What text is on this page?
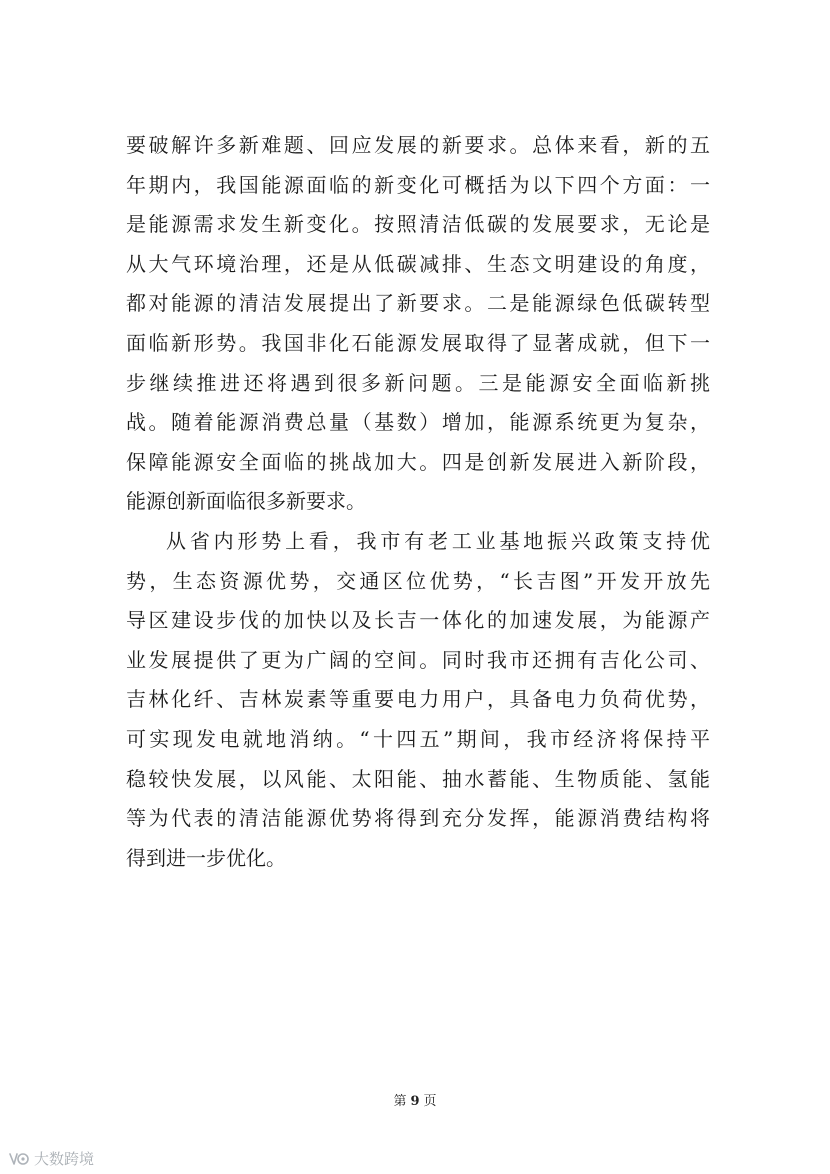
要破解许多新难题、回应发展的新要求。总体来看，新的五
年期内，我国能源面临的新变化可概括为以下四个方面：一
是能源需求发生新变化。按照清洁低碳的发展要求，无论是
从大气环境治理，还是从低碳减排、生态文明建设的角度，
都对能源的清洁发展提出了新要求。二是能源绿色低碳转型
面临新形势。我国非化石能源发展取得了显著成就，但下一
步继续推进还将遇到很多新问题。三是能源安全面临新挑
战。随着能源消费总量（基数）增加，能源系统更为复杂，
保障能源安全面临的挑战加大。四是创新发展进入新阶段，
能源创新面临很多新要求。
从省内形势上看，我市有老工业基地振兴政策支持优
势，生态资源优势，交通区位优势，“长吉图”开发开放先
导区建设步伐的加快以及长吉一体化的加速发展，为能源产
业发展提供了更为广阔的空间。同时我市还拥有吉化公司、
吉林化纤、吉林炭素等重要电力用户，具备电力负荷优势，
可实现发电就地消纳。“十四五”期间，我市经济将保持平
稳较快发展，以风能、太阳能、抽水蓄能、生物质能、氢能
等为代表的清洁能源优势将得到充分发挥，能源消费结构将
得到进一步优化。
第 9 页
大数跨境
